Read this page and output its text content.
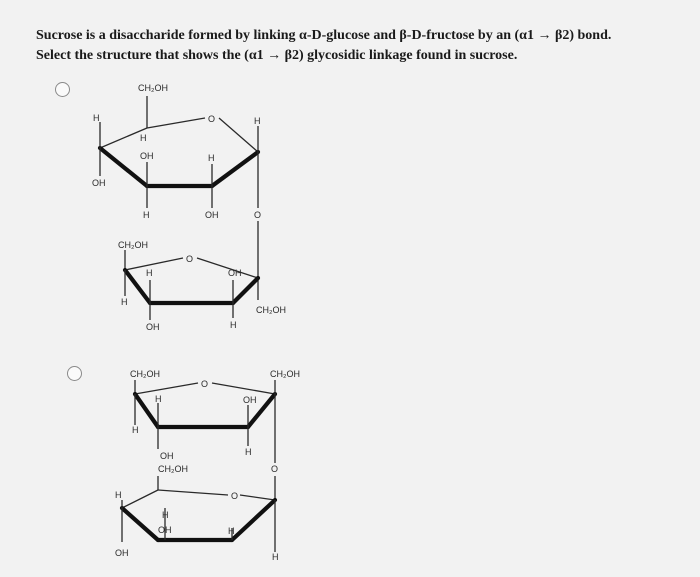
Sucrose is a disaccharide formed by linking α-D-glucose and β-D-fructose by an (α1 → β2) bond.

Select the structure that shows the (α1 → β2) glycosidic linkage found in sucrose.

CH₂OH
O	H
H
OH
H
OH
H	OH
H
O
CH₂OH
O
H	OH
H
OH	H
CH₂OH
CH₂OH
O
CH₂OH
H	OH
H
OH	H
O
CH₂OH
O
H
H
OH
H
OH	H
